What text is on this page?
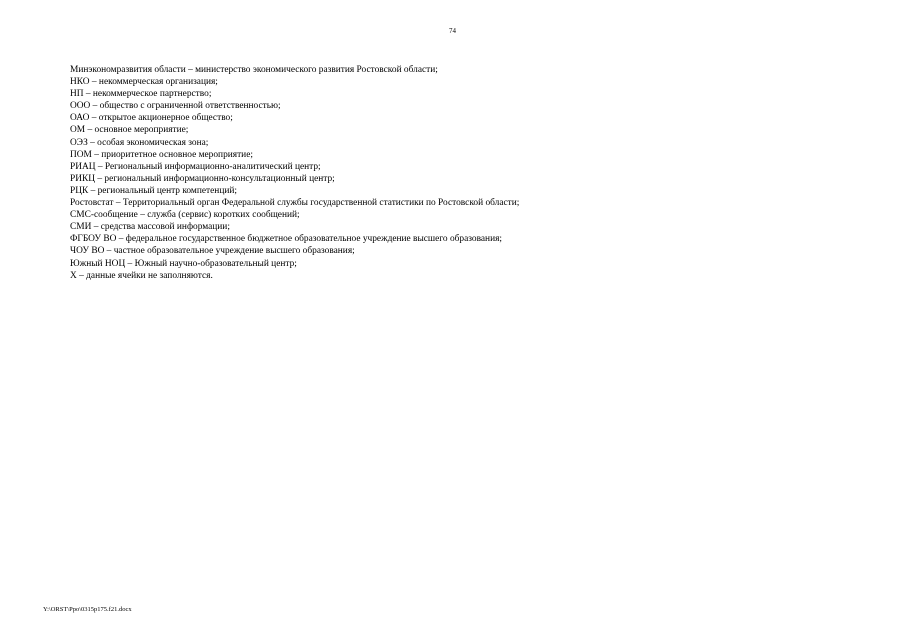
74
Минэкономразвития области – министерство экономического развития Ростовской области;
НКО – некоммерческая организация;
НП – некоммерческое партнерство;
ООО – общество с ограниченной ответственностью;
ОАО – открытое акционерное общество;
ОМ – основное мероприятие;
ОЭЗ – особая экономическая зона;
ПОМ – приоритетное основное мероприятие;
РИАЦ – Региональный информационно-аналитический центр;
РИКЦ – региональный информационно-консультационный центр;
РЦК – региональный центр компетенций;
Ростовстат – Территориальный орган Федеральной службы государственной статистики по Ростовской области;
СМС-сообщение – служба (сервис) коротких сообщений;
СМИ – средства массовой информации;
ФГБОУ ВО – федеральное государственное бюджетное образовательное учреждение высшего образования;
ЧОУ ВО – частное образовательное учреждение высшего образования;
Южный НОЦ – Южный научно-образовательный центр;
Х – данные ячейки не заполняются.
Y:\ORST\Ppo\0315p175.f21.docx
